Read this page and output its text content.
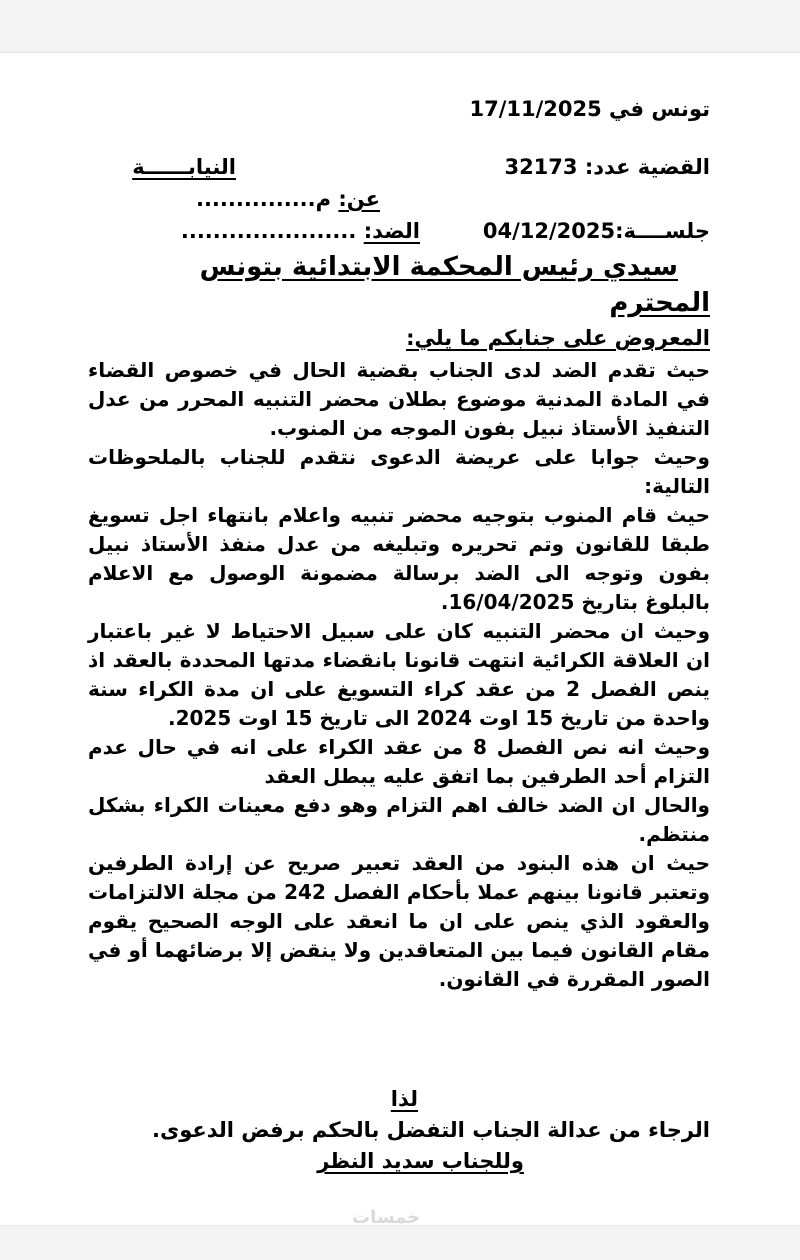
تونس في 17/11/2025
القضية عدد: 32173
النيابــــــة
عن: م...............
جلســــة:04/12/2025
الضد: ......................
سيدي رئيس المحكمة الابتدائية بتونس
المحترم
المعروض على جنابكم ما يلي:

حيث تقدم الضد لدى الجناب بقضية الحال في خصوص القضاء في المادة المدنية موضوع بطلان محضر التنبيه المحرر من عدل التنفيذ الأستاذ نبيل بفون الموجه من المنوب.

وحيث جوابا على عريضة الدعوى نتقدم للجناب بالملحوظات التالية:

حيث قام المنوب بتوجيه محضر تنبيه واعلام بانتهاء اجل تسويغ طبقا للقانون وتم تحريره وتبليغه من عدل منفذ الأستاذ نبيل بفون وتوجه الى الضد برسالة مضمونة الوصول مع الاعلام بالبلوغ بتاريخ 16/04/2025.

وحيث ان محضر التنبيه كان على سبيل الاحتياط لا غير باعتبار ان العلاقة الكرائية انتهت قانونا بانقضاء مدتها المحددة بالعقد اذ ينص الفصل 2 من عقد كراء التسويغ على ان مدة الكراء سنة واحدة من تاريخ 15 اوت 2024 الى تاريخ 15 اوت 2025.

وحيث انه نص الفصل 8 من عقد الكراء على انه في حال عدم التزام أحد الطرفين بما اتفق عليه يبطل العقد

والحال ان الضد خالف اهم التزام وهو دفع معينات الكراء بشكل منتظم.

حيث ان هذه البنود من العقد تعبير صريح عن إرادة الطرفين وتعتبر قانونا بينهم عملا بأحكام الفصل 242 من مجلة الالتزامات والعقود الذي ينص على ان ما انعقد على الوجه الصحيح يقوم مقام القانون فيما بين المتعاقدين ولا ينقض إلا برضائهما أو في الصور المقررة في القانون.

لذا
الرجاء من عدالة الجناب التفضل بالحكم برفض الدعوى.
وللجناب سديد النظر
خمسات
